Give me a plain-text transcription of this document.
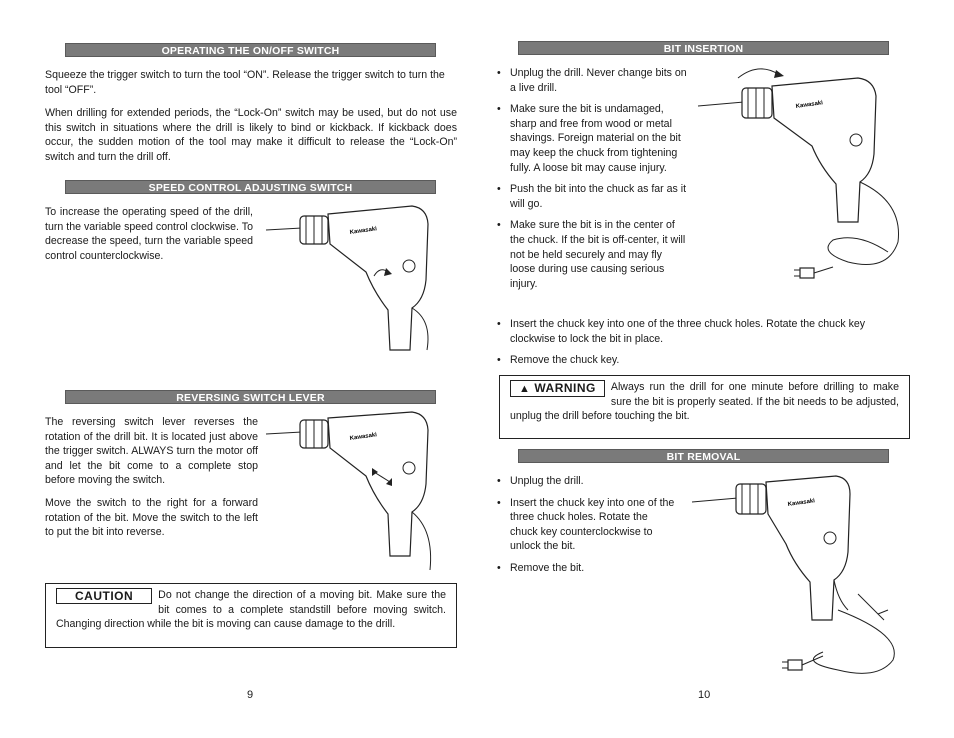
OPERATING THE ON/OFF SWITCH

Squeeze the trigger switch to turn the tool “ON”. Release the trigger switch to turn the tool “OFF”.

When drilling for extended periods, the “Lock-On” switch may be used, but do not use this switch in situations where the drill is likely to bind or kickback. If kickback does occur, the sudden motion of the tool may make it difficult to release the “Lock-On” switch and turn the drill off.

SPEED CONTROL ADJUSTING SWITCH

To increase the operating speed of the drill, turn the variable speed control clockwise. To decrease the speed, turn the variable speed control counterclockwise.

Kawasaki
REVERSING SWITCH LEVER

The reversing switch lever reverses the rotation of the drill bit. It is located just above the trigger switch. ALWAYS turn the motor off and let the bit come to a complete stop before moving the switch.

Move the switch to the right for a forward rotation of the bit. Move the switch to the left to put the bit into reverse.

Kawasaki
CAUTION	Do not change the direction of a moving bit. Make sure the bit comes to a complete standstill before moving switch. Changing direction while the bit is moving can cause damage to the drill.
9
BIT INSERTION
• Unplug the drill. Never change bits on a live drill.
• Make sure the bit is undamaged, sharp and free from wood or metal shavings. Foreign material on the bit may keep the chuck from tightening fully. A loose bit may cause injury.
• Push the bit into the chuck as far as it will go.
• Make sure the bit is in the center of the chuck. If the bit is off-center, it will not be held securely and may fly loose during use causing serious injury.
• Insert the chuck key into one of the three chuck holes. Rotate the chuck key clockwise to lock the bit in place.
• Remove the chuck key.
Kawasaki
▲ WARNING	Always run the drill for one minute before drilling to make sure the bit is properly seated. If the bit needs to be adjusted, unplug the drill before touching the bit.
BIT REMOVAL
• Unplug the drill.
• Insert the chuck key into one of the three chuck holes. Rotate the chuck key counterclockwise to unlock the bit.
• Remove the bit.
Kawasaki
10
